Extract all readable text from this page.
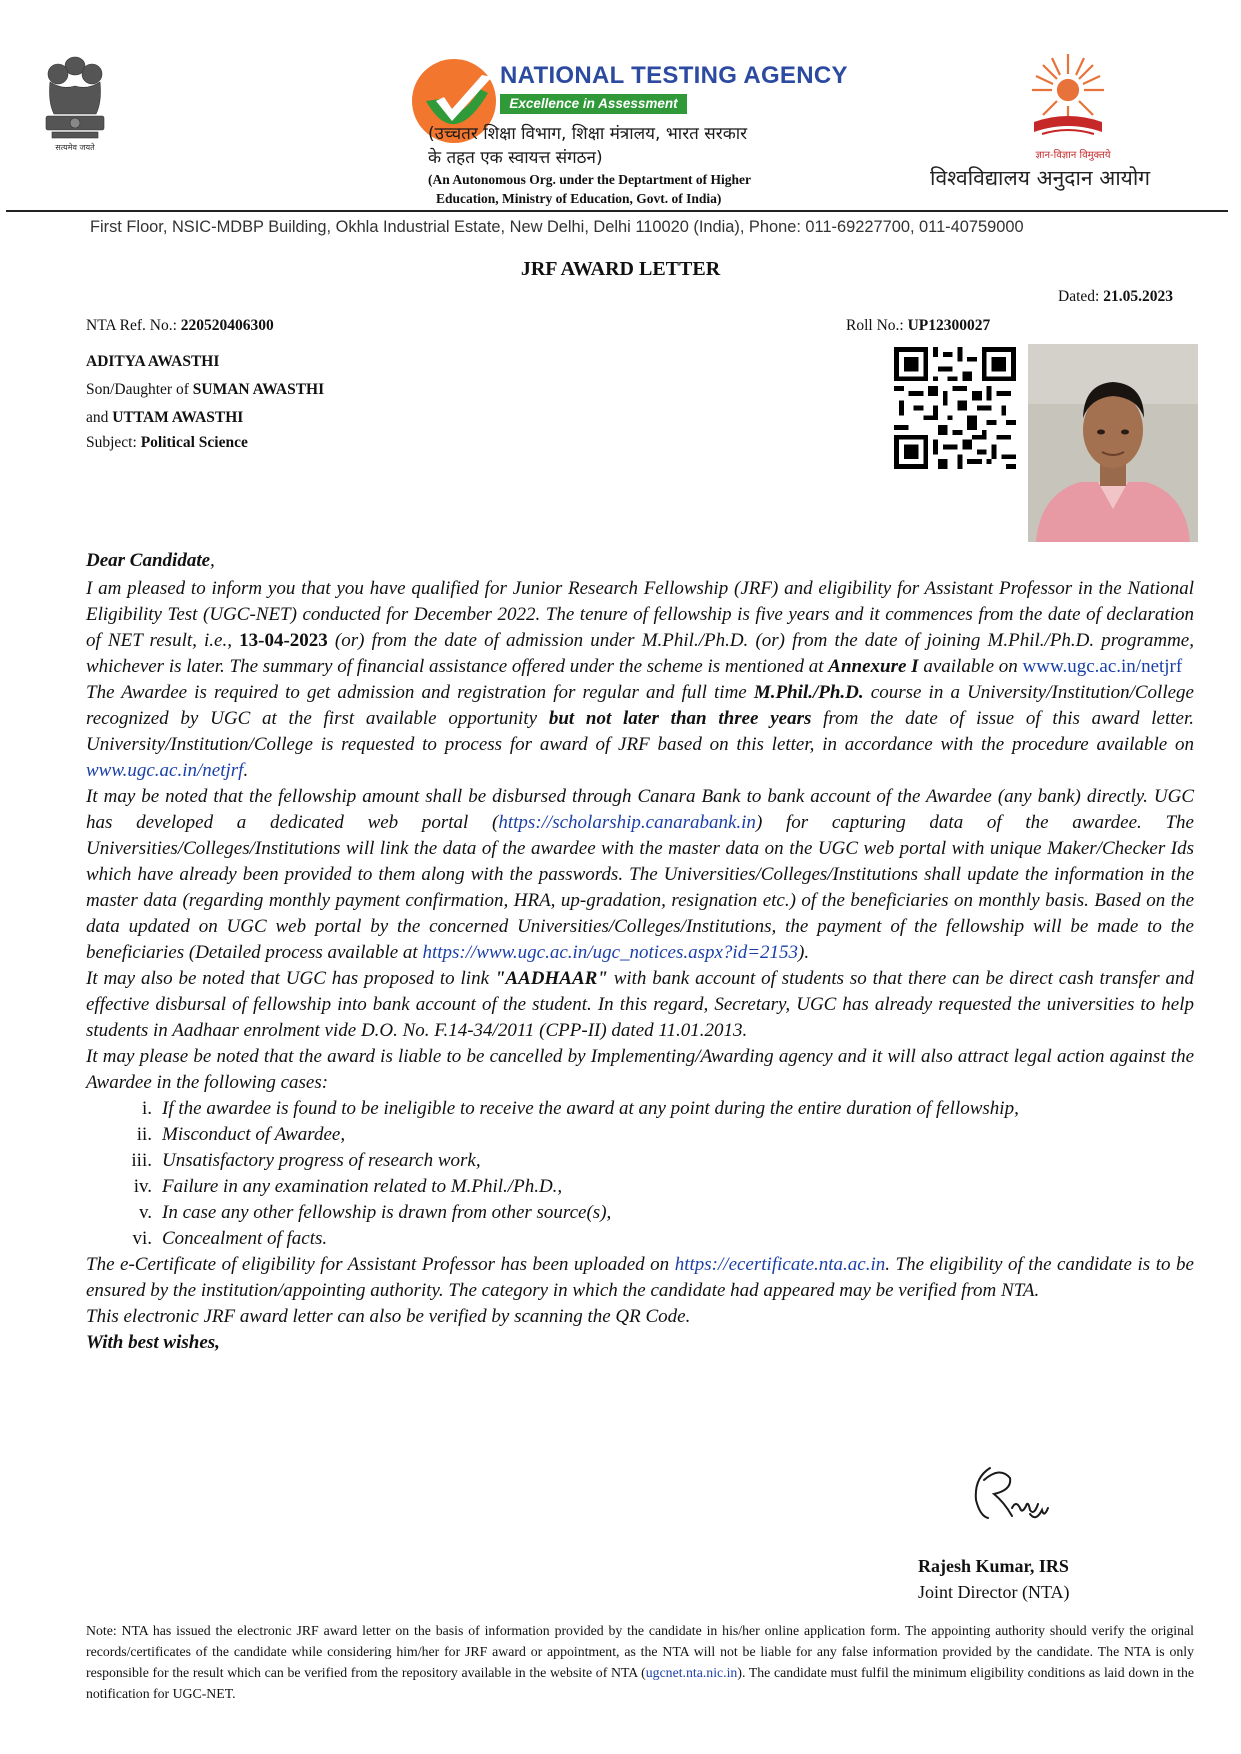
सत्यमेव जयते
NATIONAL TESTING AGENCY
Excellence in Assessment
(उच्चतर शिक्षा विभाग, शिक्षा मंत्रालय, भारत सरकार
के तहत एक स्वायत्त संगठन)
(An Autonomous Org. under the Deptartment of Higher
Education, Ministry of Education, Govt. of India)
ज्ञान-विज्ञान विमुक्तये
विश्वविद्यालय अनुदान आयोग
First Floor, NSIC-MDBP Building, Okhla Industrial Estate, New Delhi, Delhi 110020 (India), Phone: 011-69227700, 011-40759000
JRF AWARD LETTER
Dated: 21.05.2023
NTA Ref. No.: 220520406300	Roll No.: UP12300027
ADITYA AWASTHI
Son/Daughter of SUMAN AWASTHI
and UTTAM AWASTHI
Subject: Political Science

Dear Candidate,

I am pleased to inform you that you have qualified for Junior Research Fellowship (JRF) and eligibility for Assistant Professor in the National Eligibility Test (UGC-NET) conducted for December 2022. The tenure of fellowship is five years and it commences from the date of declaration of NET result, i.e., 13-04-2023 (or) from the date of admission under M.Phil./Ph.D. (or) from the date of joining M.Phil./Ph.D. programme, whichever is later. The summary of financial assistance offered under the scheme is mentioned at Annexure I available on www.ugc.ac.in/netjrf

The Awardee is required to get admission and registration for regular and full time M.Phil./Ph.D. course in a University/Institution/College recognized by UGC at the first available opportunity but not later than three years from the date of issue of this award letter. University/Institution/College is requested to process for award of JRF based on this letter, in accordance with the procedure available on www.ugc.ac.in/netjrf.

It may be noted that the fellowship amount shall be disbursed through Canara Bank to bank account of the Awardee (any bank) directly. UGC has developed a dedicated web portal (https://scholarship.canarabank.in) for capturing data of the awardee. The Universities/Colleges/Institutions will link the data of the awardee with the master data on the UGC web portal with unique Maker/Checker Ids which have already been provided to them along with the passwords. The Universities/Colleges/Institutions shall update the information in the master data (regarding monthly payment confirmation, HRA, up-gradation, resignation etc.) of the beneficiaries on monthly basis. Based on the data updated on UGC web portal by the concerned Universities/Colleges/Institutions, the payment of the fellowship will be made to the beneficiaries (Detailed process available at https://www.ugc.ac.in/ugc_notices.aspx?id=2153).

It may also be noted that UGC has proposed to link "AADHAAR" with bank account of students so that there can be direct cash transfer and effective disbursal of fellowship into bank account of the student. In this regard, Secretary, UGC has already requested the universities to help students in Aadhaar enrolment vide D.O. No. F.14-34/2011 (CPP-II) dated 11.01.2013.

It may please be noted that the award is liable to be cancelled by Implementing/Awarding agency and it will also attract legal action against the Awardee in the following cases:

i. If the awardee is found to be ineligible to receive the award at any point during the entire duration of fellowship,
ii. Misconduct of Awardee,
iii. Unsatisfactory progress of research work,
iv. Failure in any examination related to M.Phil./Ph.D.,
v. In case any other fellowship is drawn from other source(s),
vi. Concealment of facts.

The e-Certificate of eligibility for Assistant Professor has been uploaded on https://ecertificate.nta.ac.in. The eligibility of the candidate is to be ensured by the institution/appointing authority. The category in which the candidate had appeared may be verified from NTA.

This electronic JRF award letter can also be verified by scanning the QR Code.

With best wishes,

Rajesh Kumar, IRS
Joint Director (NTA)
Note: NTA has issued the electronic JRF award letter on the basis of information provided by the candidate in his/her online application form. The appointing authority should verify the original records/certificates of the candidate while considering him/her for JRF award or appointment, as the NTA will not be liable for any false information provided by the candidate. The NTA is only responsible for the result which can be verified from the repository available in the website of NTA (ugcnet.nta.nic.in). The candidate must fulfil the minimum eligibility conditions as laid down in the notification for UGC-NET.
